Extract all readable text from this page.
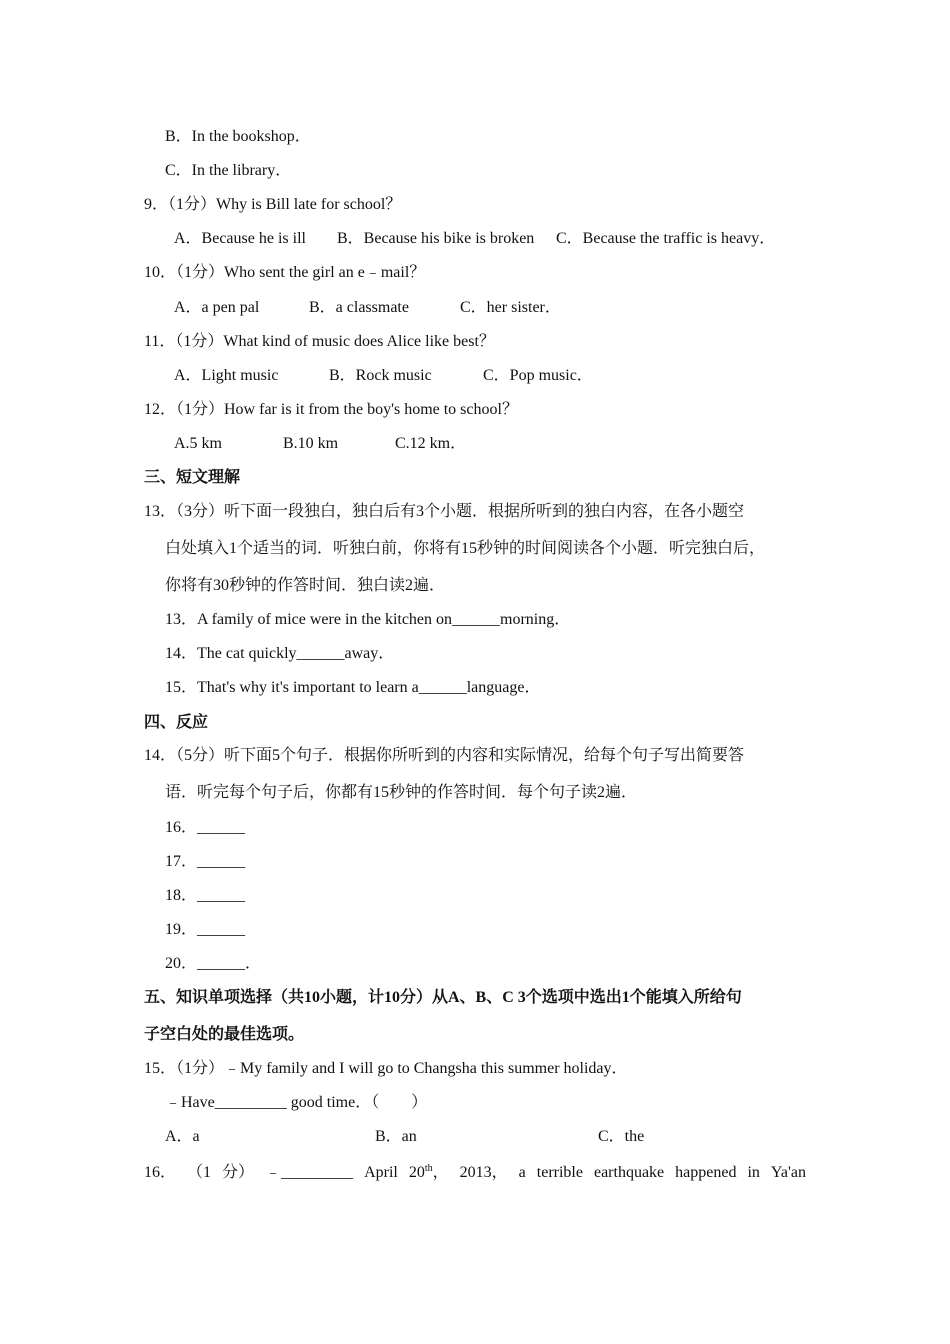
B．In the bookshop．
C．In the library．
9．（1分）Why is Bill late for school？
A．Because he is ill B．Because his bike is broken C．Because the traffic is heavy．
10．（1分）Who sent the girl an e﹣mail？
A．a pen pal	B．a classmate	C．her sister．
11．（1分）What kind of music does Alice like best？
A．Light music	B．Rock music	C．Pop music．
12．（1分）How far is it from the boy's home to school？
A.5 km	B.10 km	C.12 km．
三、短文理解
13．（3分）听下面一段独白，独白后有3个小题．根据所听到的独白内容，在各小题空
白处填入1个适当的词．听独白前，你将有15秒钟的时间阅读各个小题．听完独白后，
你将有30秒钟的作答时间．独白读2遍．
13．A family of mice were in the kitchen on______morning．
14．The cat quickly______away．
15．That's why it's important to learn a______language．
四、反应
14．（5分）听下面5个句子．根据你所听到的内容和实际情况，给每个句子写出简要答
语．听完每个句子后，你都有15秒钟的作答时间．每个句子读2遍．
16．______
17．______
18．______
19．______
20．______．
五、知识单项选择（共10小题，计10分）从A、B、C 3个选项中选出1个能填入所给句
子空白处的最佳选项。
15．（1分）﹣My family and I will go to Changsha this summer holiday．
﹣Have_________ good time．（　　）
A．a	B．an	C．the
16． （1 分） ﹣_________ April 20th， 2013， a terrible earthquake happened in Ya'an
